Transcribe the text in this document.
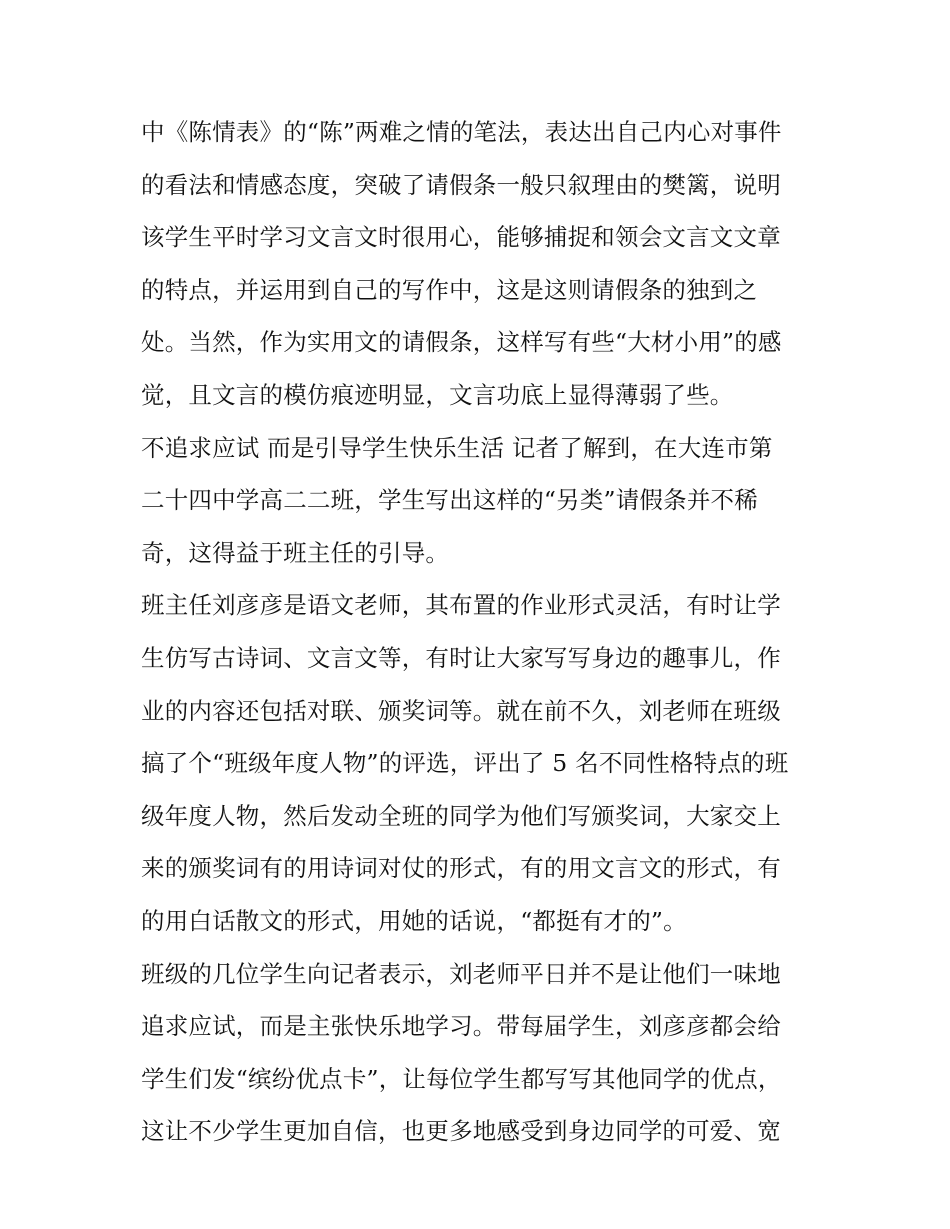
中《陈情表》的“陈”两难之情的笔法，表达出自己内心对事件
的看法和情感态度，突破了请假条一般只叙理由的樊篱，说明
该学生平时学习文言文时很用心，能够捕捉和领会文言文文章
的特点，并运用到自己的写作中，这是这则请假条的独到之
处。当然，作为实用文的请假条，这样写有些“大材小用”的感
觉，且文言的模仿痕迹明显，文言功底上显得薄弱了些。
不追求应试 而是引导学生快乐生活 记者了解到，在大连市第
二十四中学高二二班，学生写出这样的“另类”请假条并不稀
奇，这得益于班主任的引导。
班主任刘彦彦是语文老师，其布置的作业形式灵活，有时让学
生仿写古诗词、文言文等，有时让大家写写身边的趣事儿，作
业的内容还包括对联、颁奖词等。就在前不久，刘老师在班级
搞了个“班级年度人物”的评选，评出了 5 名不同性格特点的班
级年度人物，然后发动全班的同学为他们写颁奖词，大家交上
来的颁奖词有的用诗词对仗的形式，有的用文言文的形式，有
的用白话散文的形式，用她的话说，“都挺有才的”。
班级的几位学生向记者表示，刘老师平日并不是让他们一味地
追求应试，而是主张快乐地学习。带每届学生，刘彦彦都会给
学生们发“缤纷优点卡”，让每位学生都写写其他同学的优点，
这让不少学生更加自信，也更多地感受到身边同学的可爱、宽
